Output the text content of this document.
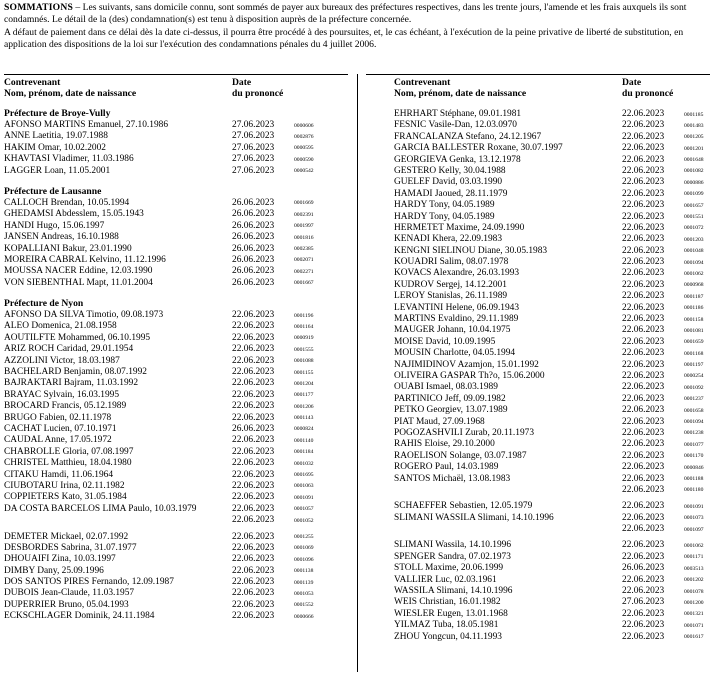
SOMMATIONS – Les suivants, sans domicile connu, sont sommés de payer aux bureaux des préfectures respectives, dans les trente jours, l'amende et les frais auxquels ils sont condamnés. Le détail de la (des) condamnation(s) est tenu à disposition auprès de la préfecture concernée.

A défaut de paiement dans ce délai dès la date ci-dessus, il pourra être procédé à des poursuites, et, le cas échéant, à l'exécution de la peine privative de liberté de substitution, en application des dispositions de la loi sur l'exécution des condamnations pénales du 4 juillet 2006.

Contrevenant
Nom, prénom, date de naissance
Date
du prononcé
Préfecture de Broye-Vully
AFONSO MARTINS Emanuel, 27.10.1986	27.06.2023	0000606
ANNE Laetitia, 19.07.1988	27.06.2023	0002876
HAKIM Omar, 10.02.2002	27.06.2023	0000595
KHAVTASI Vladimer, 11.03.1986	27.06.2023	0000590
LAGGER Loan, 11.05.2001	27.06.2023	0000542
Préfecture de Lausanne
CALLOCH Brendan, 10.05.1994	26.06.2023	0001669
GHEDAMSI Abdesslem, 15.05.1943	26.06.2023	0002391
HANDI Hugo, 15.06.1997	26.06.2023	0001997
JANSEN Andreas, 16.10.1988	26.06.2023	0001816
KOPALLIANI Bakur, 23.01.1990	26.06.2023	0002385
MOREIRA CABRAL Kelvino, 11.12.1996	26.06.2023	0002071
MOUSSA NACER Eddine, 12.03.1990	26.06.2023	0002271
VON SIEBENTHAL Mapt, 11.01.2004	26.06.2023	0001667
Préfecture de Nyon
AFONSO DA SILVA Timotio, 09.08.1973	22.06.2023	0001196
ALEO Domenica, 21.08.1958	22.06.2023	0001164
AOUTILFTE Mohammed, 06.10.1995	22.06.2023	0000919
ARIZ ROCH Caridad, 29.01.1954	22.06.2023	0001555
AZZOLINI Victor, 18.03.1987	22.06.2023	0001088
BACHELARD Benjamin, 08.07.1992	22.06.2023	0001155
BAJRAKTARI Bajram, 11.03.1992	22.06.2023	0001204
BRAYAC Sylvain, 16.03.1995	22.06.2023	0001177
BROCARD Francis, 05.12.1989	22.06.2023	0001206
BRUGO Fabien, 02.11.1978	22.06.2023	0001143
CACHAT Lucien, 07.10.1971	26.06.2023	0000824
CAUDAL Anne, 17.05.1972	22.06.2023	0001140
CHABROLLE Gloria, 07.08.1997	22.06.2023	0001184
CHRISTEL Matthieu, 18.04.1980	22.06.2023	0001032
CITAKU Hamdi, 11.06.1964	22.06.2023	0001695
CIUBOTARU Irina, 02.11.1982	22.06.2023	0001063
COPPIETERS Kato, 31.05.1984	22.06.2023	0001091
DA COSTA BARCELOS LIMA Paulo, 10.03.1979	22.06.2023	0001057
22.06.2023	0001052
DEMETER Mickael, 02.07.1992	22.06.2023	0001255
DESBORDES Sabrina, 31.07.1977	22.06.2023	0001069
DHOUAIFI Zina, 10.03.1997	22.06.2023	0001096
DIMBY Dany, 25.09.1996	22.06.2023	0001138
DOS SANTOS PIRES Fernando, 12.09.1987	22.06.2023	0001139
DUBOIS Jean-Claude, 11.03.1957	22.06.2023	0001053
DUPERRIER Bruno, 05.04.1993	22.06.2023	0001552
ECKSCHLAGER Dominik, 24.11.1984	22.06.2023	0000666
Contrevenant
Nom, prénom, date de naissance
Date
du prononcé
EHRHART Stéphane, 09.01.1981	22.06.2023	0001185
FESNIC Vasile-Dan, 12.03.0970	22.06.2023	0001483
FRANCALANZA Stefano, 24.12.1967	22.06.2023	0001205
GARCIA BALLESTER Roxane, 30.07.1997	22.06.2023	0001201
GEORGIEVA Genka, 13.12.1978	22.06.2023	0001648
GESTERO Kelly, 30.04.1988	22.06.2023	0001082
GUELEF David, 03.03.1990	22.06.2023	0000886
HAMADI Jaoued, 28.11.1979	22.06.2023	0001099
HARDY Tony, 04.05.1989	22.06.2023	0001657
HARDY Tony, 04.05.1989	22.06.2023	0001551
HERMETET Maxime, 24.09.1990	22.06.2023	0001072
KENADI Khera, 22.09.1983	22.06.2023	0001203
KENGNI SIELINOU Diane, 30.05.1983	22.06.2023	0001048
KOUADRI Salim, 08.07.1978	22.06.2023	0001094
KOVACS Alexandre, 26.03.1993	22.06.2023	0001062
KUDROV Sergej, 14.12.2001	22.06.2023	0000968
LEROY Stanislas, 26.11.1989	22.06.2023	0001187
LEVANTINI Helene, 06.09.1943	22.06.2023	0001186
MARTINS Evaldino, 29.11.1989	22.06.2023	0001158
MAUGER Johann, 10.04.1975	22.06.2023	0001081
MOISE David, 10.09.1995	22.06.2023	0001659
MOUSIN Charlotte, 04.05.1994	22.06.2023	0001168
NAJIMIDINOV Azamjon, 15.01.1992	22.06.2023	0001197
OLIVEIRA GASPAR Th?o, 15.06.2000	22.06.2023	0000254
OUABI Ismael, 08.03.1989	22.06.2023	0001092
PARTINICO Jeff, 09.09.1982	22.06.2023	0001237
PETKO Georgiev, 13.07.1989	22.06.2023	0001658
PIAT Maud, 27.09.1968	22.06.2023	0001094
POGOZASHVILI Zurab, 20.11.1973	22.06.2023	0001238
RAHIS Eloise, 29.10.2000	22.06.2023	0001077
RAOELISON Solange, 03.07.1987	22.06.2023	0001170
ROGERO Paul, 14.03.1989	22.06.2023	0000846
SANTOS Michaël, 13.08.1983	22.06.2023	0001188
22.06.2023	0001180
SCHAEFFER Sebastien, 12.05.1979	22.06.2023	0001091
SLIMANI WASSILA Slimani, 14.10.1996	22.06.2023	0001073
22.06.2023	0001097
SLIMANI Wassila, 14.10.1996	22.06.2023	0001062
SPENGER Sandra, 07.02.1973	22.06.2023	0001171
STOLL Maxime, 20.06.1999	26.06.2023	0003513
VALLIER Luc, 02.03.1961	22.06.2023	0001202
WASSILA Slimani, 14.10.1996	22.06.2023	0001078
WEIS Christian, 16.01.1982	27.06.2023	0001200
WIESLER Eugen, 13.01.1968	22.06.2023	0001321
YILMAZ Tuba, 18.05.1981	22.06.2023	0001071
ZHOU Yongcun, 04.11.1993	22.06.2023	0001617
